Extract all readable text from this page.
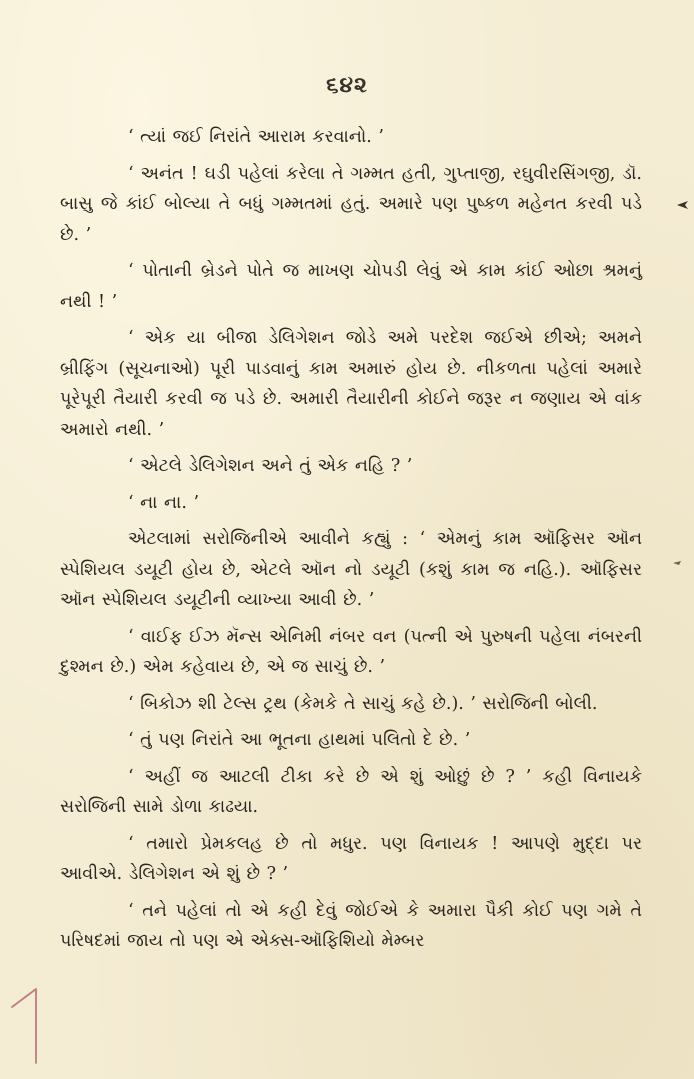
૬૪૨

‘ ત્યાં જઈ નિરાંતે આરામ કરવાનો. ’

‘ અનંત ! ઘડી પહેલાં કરેલા તે ગમ્મત હતી, ગુપ્તાજી, રઘુવીરસિંગજી, ડૉ. બાસુ જે કાંઈ બોલ્યા તે બધું ગમ્મતમાં હતું. અમારે પણ પુષ્કળ મહેનત કરવી પડે છે. ’

‘ પોતાની બ્રેડને પોતે જ માખણ ચોપડી લેવું એ કામ કાંઈ ઓછા શ્રમનું નથી ! ’

‘ એક યા બીજા ડેલિગેશન જોડે અમે પરદેશ જઈએ છીએ; અમને બ્રીફિંગ (સૂચનાઓ) પૂરી પાડવાનું કામ અમારું હોય છે. નીકળતા પહેલાં અમારે પૂરેપૂરી તૈયારી કરવી જ પડે છે. અમારી તૈયારીની કોઈને જરૂર ન જણાય એ વાંક અમારો નથી. ’

‘ એટલે ડેલિગેશન અને તું એક નહિ ? ’

‘ ના ના. ’

એટલામાં સરોજિનીએ આવીને કહ્યું : ‘ એમનું કામ ઑફિસર ઑન સ્પેશિયલ ડયૂટી હોય છે, એટલે ઑન નો ડયૂટી (કશું કામ જ નહિ.). ઑફિસર ઑન સ્પેશિયલ ડયૂટીની વ્યાખ્યા આવી છે. ’

‘ વાઈફ ઈઝ મૅન્સ એનિમી નંબર વન (પત્ની એ પુરુષની પહેલા નંબરની દુશ્મન છે.) એમ કહેવાય છે, એ જ સાચું છે. ’

‘ બિકોઝ શી ટેલ્સ ટ્રથ (કેમકે તે સાચું કહે છે.). ’ સરોજિની બોલી.

‘ તું પણ નિરાંતે આ ભૂતના હાથમાં પલિતો દે છે. ’

‘ અહીં જ આટલી ટીકા કરે છે એ શું ઓછું છે ? ’ કહી વિનાયકે સરોજિની સામે ડોળા કાઢયા.

‘ તમારો પ્રેમકલહ છે તો મધુર. પણ વિનાયક ! આપણે મુદ્દા પર આવીએ. ડેલિગેશન એ શું છે ? ’

‘ તને પહેલાં તો એ કહી દેવું જોઈએ કે અમારા પૈકી કોઈ પણ ગમે તે પરિષદમાં જાય તો પણ એ એક્સ-ઑફિશિયો મેમ્બર
